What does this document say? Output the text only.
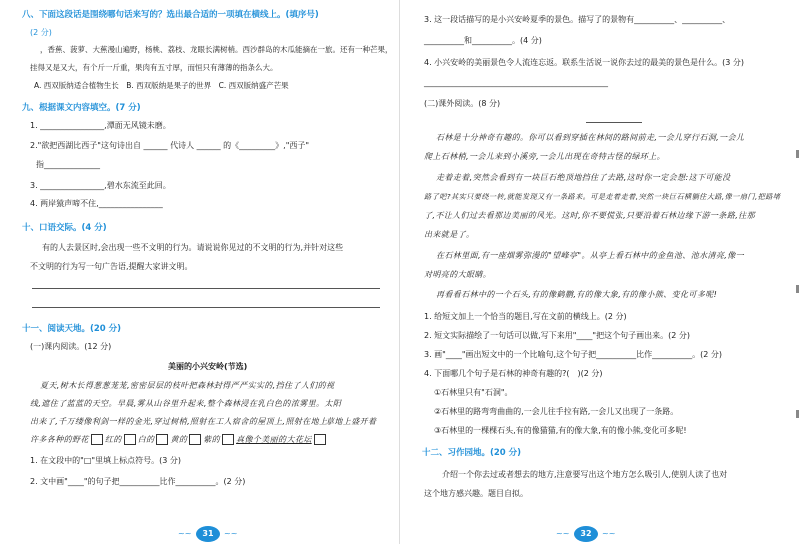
八、下面这段话是围绕哪句话来写的？选出最合适的一项填在横线上。(填序号)
(2 分)
，香蕉、菠萝、大蕉漫山遍野，杨桃、荔枝、龙眼长满树梢。西沙群岛的木瓜能摘在一旅。还有一种芒果，
挂得又是又大，有个斤一斤重，果肉有五寸厚，而恒只有薄薄的指条么大。
A. 西双版纳适合植物生长　B. 西双版纳是果子的世界　C. 西双版纳盛产芒果
九、根据课文内容填空。(7 分)
1. ________________,潭面无风镜未磨。
2."欲把西湖比西子"这句诗出自 ______ 代诗人 ______ 的《_________》,"西子"
指______________
3. ________________,碧水东流至此回。
4. 两岸猿声啼不住,________________
十、口语交际。(4 分)
有的人去景区时,会出现一些不文明的行为。请说说你见过的不文明的行为,并针对这些
不文明的行为写一句广告语,提醒大家讲文明。
十一、阅读天地。(20 分)
(一)课内阅读。(12 分)
美丽的小兴安岭(节选)
夏天,树木长得葱葱茏茏,密密层层的枝叶把森林封得严严实实的,挡住了人们的视
线,遮住了蓝蓝的天空。早晨,雾从山谷里升起来,整个森林浸在乳白色的浓雾里。太阳
出来了,千万缕像利剑一样的金光,穿过树梢,照射在工人宿舍的屋顶上,照射在地上。
草地上盛开着
许多各种的野花 红的 白的 黄的 紫的 真像个美丽的大花坛
1. 在文段中的"□"里填上标点符号。(3 分)
2. 文中画"____"的句子把__________比作__________。(2 分)
~~	31	~~
3. 这一段话描写的是小兴安岭夏季的景色。描写了的景物有__________、__________、
__________和__________。(4 分)
4. 小兴安岭的美丽景色令人流连忘返。联系生活说一说你去过的最美的景色是什么。(3 分)
______________________________________________
(二)课外阅读。(8 分)
石林是十分神奇有趣的。你可以看到穿插在林间的路间前走,一会儿穿行石洞,一会儿
爬上石林梢,一会儿来到小溪旁,一会儿出现在奇特古怪的绿环上。
走着走着,突然会看到有一块巨石绝顶地挡住了去路,这时你一定会想:这下可能没
路了吧?其实只要绕一转,就能发现又有一条路来。可是走着走着,突然一块巨石横躺住大路,像一扇门,把路堵
了,不让人们过去看那边美丽的风光。这时,你不要慌张,只要沿着石林边缘下游一条路,往那
出来就是了。
在石林里面,有一座烟雾弥漫的"望峰亭"。从亭上看石林中的金鱼池、池水清亮,像一
对明亮的大眼睛。
再看看石林中的一个石头,有的像鹤鹏,有的像大象,有的像小熊、变化可多呢!
1. 给短文加上一个恰当的题目,写在文前的横线上。(2 分)
2. 短文实际描绘了一句话可以做,写下来用"____"把这个句子画出来。(2 分)
3. 画"____"画出短文中的一个比喻句,这个句子把__________比作__________。(2 分)
4. 下面哪几个句子是石林的神奇有趣的?(　)(2 分)
①石林里只有"石洞"。
②石林里的路弯弯曲曲的,一会儿往手拉有路,一会儿又出现了一条路。
③石林里的一棵棵石头,有的像猫猫,有的像大象,有的像小熊,变化可多呢!
十二、习作园地。(20 分)
介绍一个你去过或者想去的地方,注意要写出这个地方怎么吸引人,使别人读了也对
这个地方感兴趣。题目自拟。
~~	32	~~
